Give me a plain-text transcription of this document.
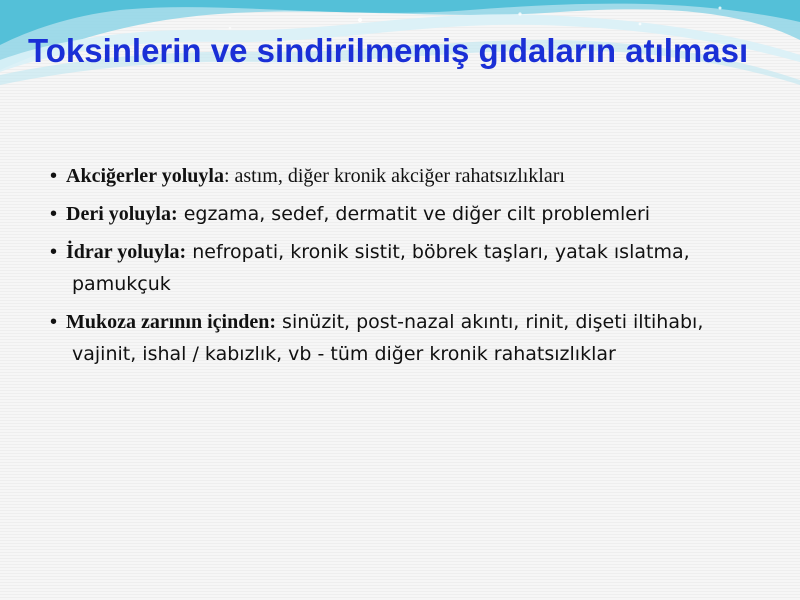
Toksinlerin ve sindirilmemiş gıdaların atılması
• Akciğerler yoluyla: astım, diğer kronik akciğer rahatsızlıkları
• Deri yoluyla: egzama, sedef, dermatit ve diğer cilt problemleri
• İdrar yoluyla: nefropati, kronik sistit, böbrek taşları, yatak ıslatma, pamukçuk
• Mukoza zarının içinden: sinüzit, post-nazal akıntı, rinit, dişeti iltihabı, vajinit, ishal / kabızlık, vb - tüm diğer kronik rahatsızlıklar
